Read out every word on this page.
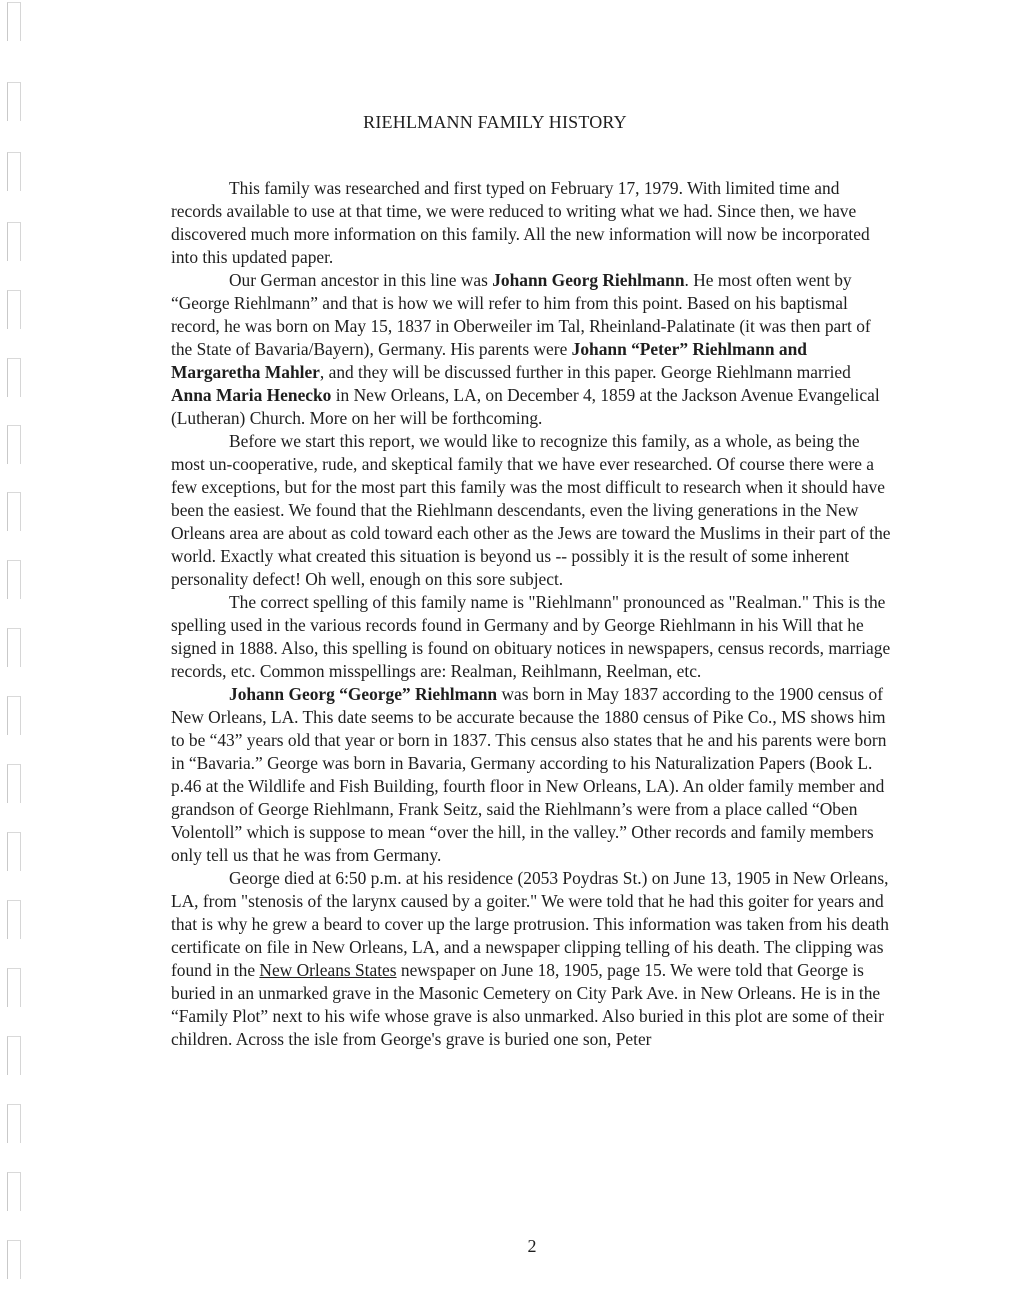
RIEHLMANN FAMILY HISTORY

This family was researched and first typed on February 17, 1979. With limited time and records available to use at that time, we were reduced to writing what we had. Since then, we have discovered much more information on this family. All the new information will now be incorporated into this updated paper.

Our German ancestor in this line was Johann Georg Riehlmann. He most often went by “George Riehlmann” and that is how we will refer to him from this point. Based on his baptismal record, he was born on May 15, 1837 in Oberweiler im Tal, Rheinland-Palatinate (it was then part of the State of Bavaria/Bayern), Germany. His parents were Johann “Peter” Riehlmann and Margaretha Mahler, and they will be discussed further in this paper. George Riehlmann married Anna Maria Henecko in New Orleans, LA, on December 4, 1859 at the Jackson Avenue Evangelical (Lutheran) Church. More on her will be forthcoming.

Before we start this report, we would like to recognize this family, as a whole, as being the most un-cooperative, rude, and skeptical family that we have ever researched. Of course there were a few exceptions, but for the most part this family was the most difficult to research when it should have been the easiest. We found that the Riehlmann descendants, even the living generations in the New Orleans area are about as cold toward each other as the Jews are toward the Muslims in their part of the world. Exactly what created this situation is beyond us -- possibly it is the result of some inherent personality defect! Oh well, enough on this sore subject.

The correct spelling of this family name is "Riehlmann" pronounced as "Realman." This is the spelling used in the various records found in Germany and by George Riehlmann in his Will that he signed in 1888. Also, this spelling is found on obituary notices in newspapers, census records, marriage records, etc. Common misspellings are: Realman, Reihlmann, Reelman, etc.

Johann Georg “George” Riehlmann was born in May 1837 according to the 1900 census of New Orleans, LA. This date seems to be accurate because the 1880 census of Pike Co., MS shows him to be “43” years old that year or born in 1837. This census also states that he and his parents were born in “Bavaria.” George was born in Bavaria, Germany according to his Naturalization Papers (Book L. p.46 at the Wildlife and Fish Building, fourth floor in New Orleans, LA). An older family member and grandson of George Riehlmann, Frank Seitz, said the Riehlmann’s were from a place called “Oben Volentoll” which is suppose to mean “over the hill, in the valley.” Other records and family members only tell us that he was from Germany.

George died at 6:50 p.m. at his residence (2053 Poydras St.) on June 13, 1905 in New Orleans, LA, from "stenosis of the larynx caused by a goiter." We were told that he had this goiter for years and that is why he grew a beard to cover up the large protrusion. This information was taken from his death certificate on file in New Orleans, LA, and a newspaper clipping telling of his death. The clipping was found in the New Orleans States newspaper on June 18, 1905, page 15. We were told that George is buried in an unmarked grave in the Masonic Cemetery on City Park Ave. in New Orleans. He is in the “Family Plot” next to his wife whose grave is also unmarked. Also buried in this plot are some of their children. Across the isle from George's grave is buried one son, Peter

2
